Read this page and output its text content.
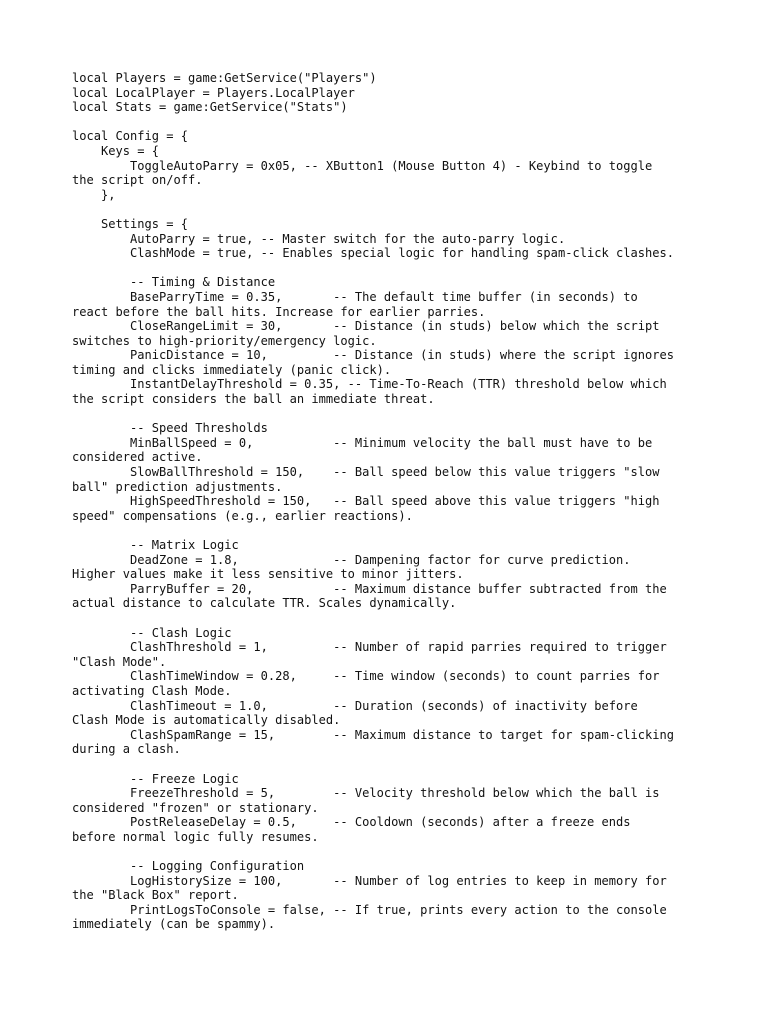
local Players = game:GetService("Players")
local LocalPlayer = Players.LocalPlayer
local Stats = game:GetService("Stats")
local Config = {
Keys = {
ToggleAutoParry = 0x05, -- XButton1 (Mouse Button 4) - Keybind to toggle
the script on/off.
},
Settings = {
AutoParry = true, -- Master switch for the auto-parry logic.
ClashMode = true, -- Enables special logic for handling spam-click clashes.
-- Timing & Distance
BaseParryTime = 0.35,       -- The default time buffer (in seconds) to
react before the ball hits. Increase for earlier parries.
CloseRangeLimit = 30,       -- Distance (in studs) below which the script
switches to high-priority/emergency logic.
PanicDistance = 10,         -- Distance (in studs) where the script ignores
timing and clicks immediately (panic click).
InstantDelayThreshold = 0.35, -- Time-To-Reach (TTR) threshold below which
the script considers the ball an immediate threat.
-- Speed Thresholds
MinBallSpeed = 0,           -- Minimum velocity the ball must have to be
considered active.
SlowBallThreshold = 150,    -- Ball speed below this value triggers "slow
ball" prediction adjustments.
HighSpeedThreshold = 150,   -- Ball speed above this value triggers "high
speed" compensations (e.g., earlier reactions).
-- Matrix Logic
DeadZone = 1.8,             -- Dampening factor for curve prediction.
Higher values make it less sensitive to minor jitters.
ParryBuffer = 20,           -- Maximum distance buffer subtracted from the
actual distance to calculate TTR. Scales dynamically.
-- Clash Logic
ClashThreshold = 1,         -- Number of rapid parries required to trigger
"Clash Mode".
ClashTimeWindow = 0.28,     -- Time window (seconds) to count parries for
activating Clash Mode.
ClashTimeout = 1.0,         -- Duration (seconds) of inactivity before
Clash Mode is automatically disabled.
ClashSpamRange = 15,        -- Maximum distance to target for spam-clicking
during a clash.
-- Freeze Logic
FreezeThreshold = 5,        -- Velocity threshold below which the ball is
considered "frozen" or stationary.
PostReleaseDelay = 0.5,     -- Cooldown (seconds) after a freeze ends
before normal logic fully resumes.
-- Logging Configuration
LogHistorySize = 100,       -- Number of log entries to keep in memory for
the "Black Box" report.
PrintLogsToConsole = false, -- If true, prints every action to the console
immediately (can be spammy).
